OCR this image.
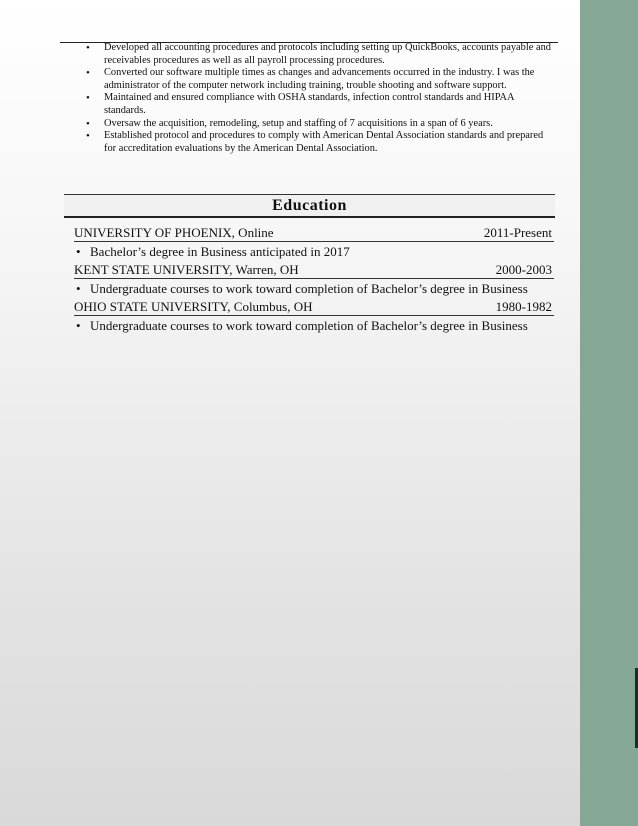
• Developed all accounting procedures and protocols including setting up QuickBooks, accounts payable and receivables procedures as well as all payroll processing procedures.
• Converted our software multiple times as changes and advancements occurred in the industry. I was the administrator of the computer network including training, trouble shooting and software support.
• Maintained and ensured compliance with OSHA standards, infection control standards and HIPAA standards.
• Oversaw the acquisition, remodeling, setup and staffing of 7 acquisitions in a span of 6 years.
• Established protocol and procedures to comply with American Dental Association standards and prepared for accreditation evaluations by the American Dental Association.
Education
UNIVERSITY OF PHOENIX, Online	2011-Present
• Bachelor’s degree in Business anticipated in 2017
KENT STATE UNIVERSITY, Warren, OH	2000-2003
• Undergraduate courses to work toward completion of Bachelor’s degree in Business
OHIO STATE UNIVERSITY, Columbus, OH	1980-1982
• Undergraduate courses to work toward completion of Bachelor’s degree in Business
